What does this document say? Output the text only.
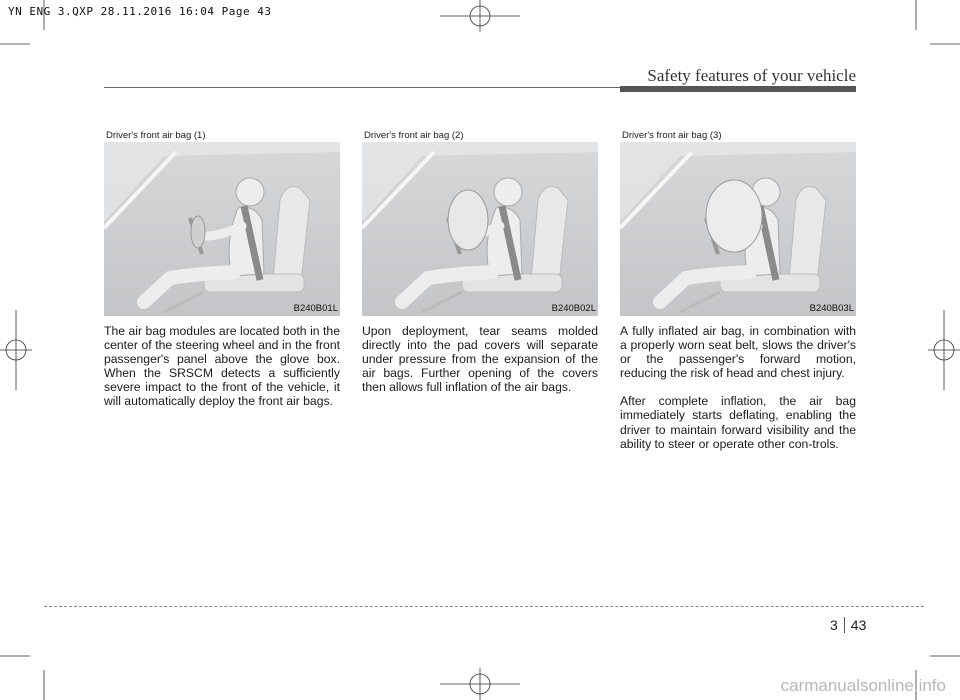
YN ENG 3.QXP 28.11.2016 16:04 Page 43
Safety features of your vehicle
Driver's front air bag (1)
B240B01L
Driver's front air bag (2)
B240B02L
Driver's front air bag (3)
B240B03L

The air bag modules are located both in the center of the steering wheel and in the front passenger's panel above the glove box. When the SRSCM detects a sufficiently severe impact to the front of the vehicle, it will automatically deploy the front air bags.

Upon deployment, tear seams molded directly into the pad covers will separate under pressure from the expansion of the air bags. Further opening of the covers then allows full inflation of the air bags.

A fully inflated air bag, in combination with a properly worn seat belt, slows the driver's or the passenger's forward motion, reducing the risk of head and chest injury.

After complete inflation, the air bag immediately starts deflating, enabling the driver to maintain forward visibility and the ability to steer or operate other con-trols.

3 43
carmanualsonline.info
